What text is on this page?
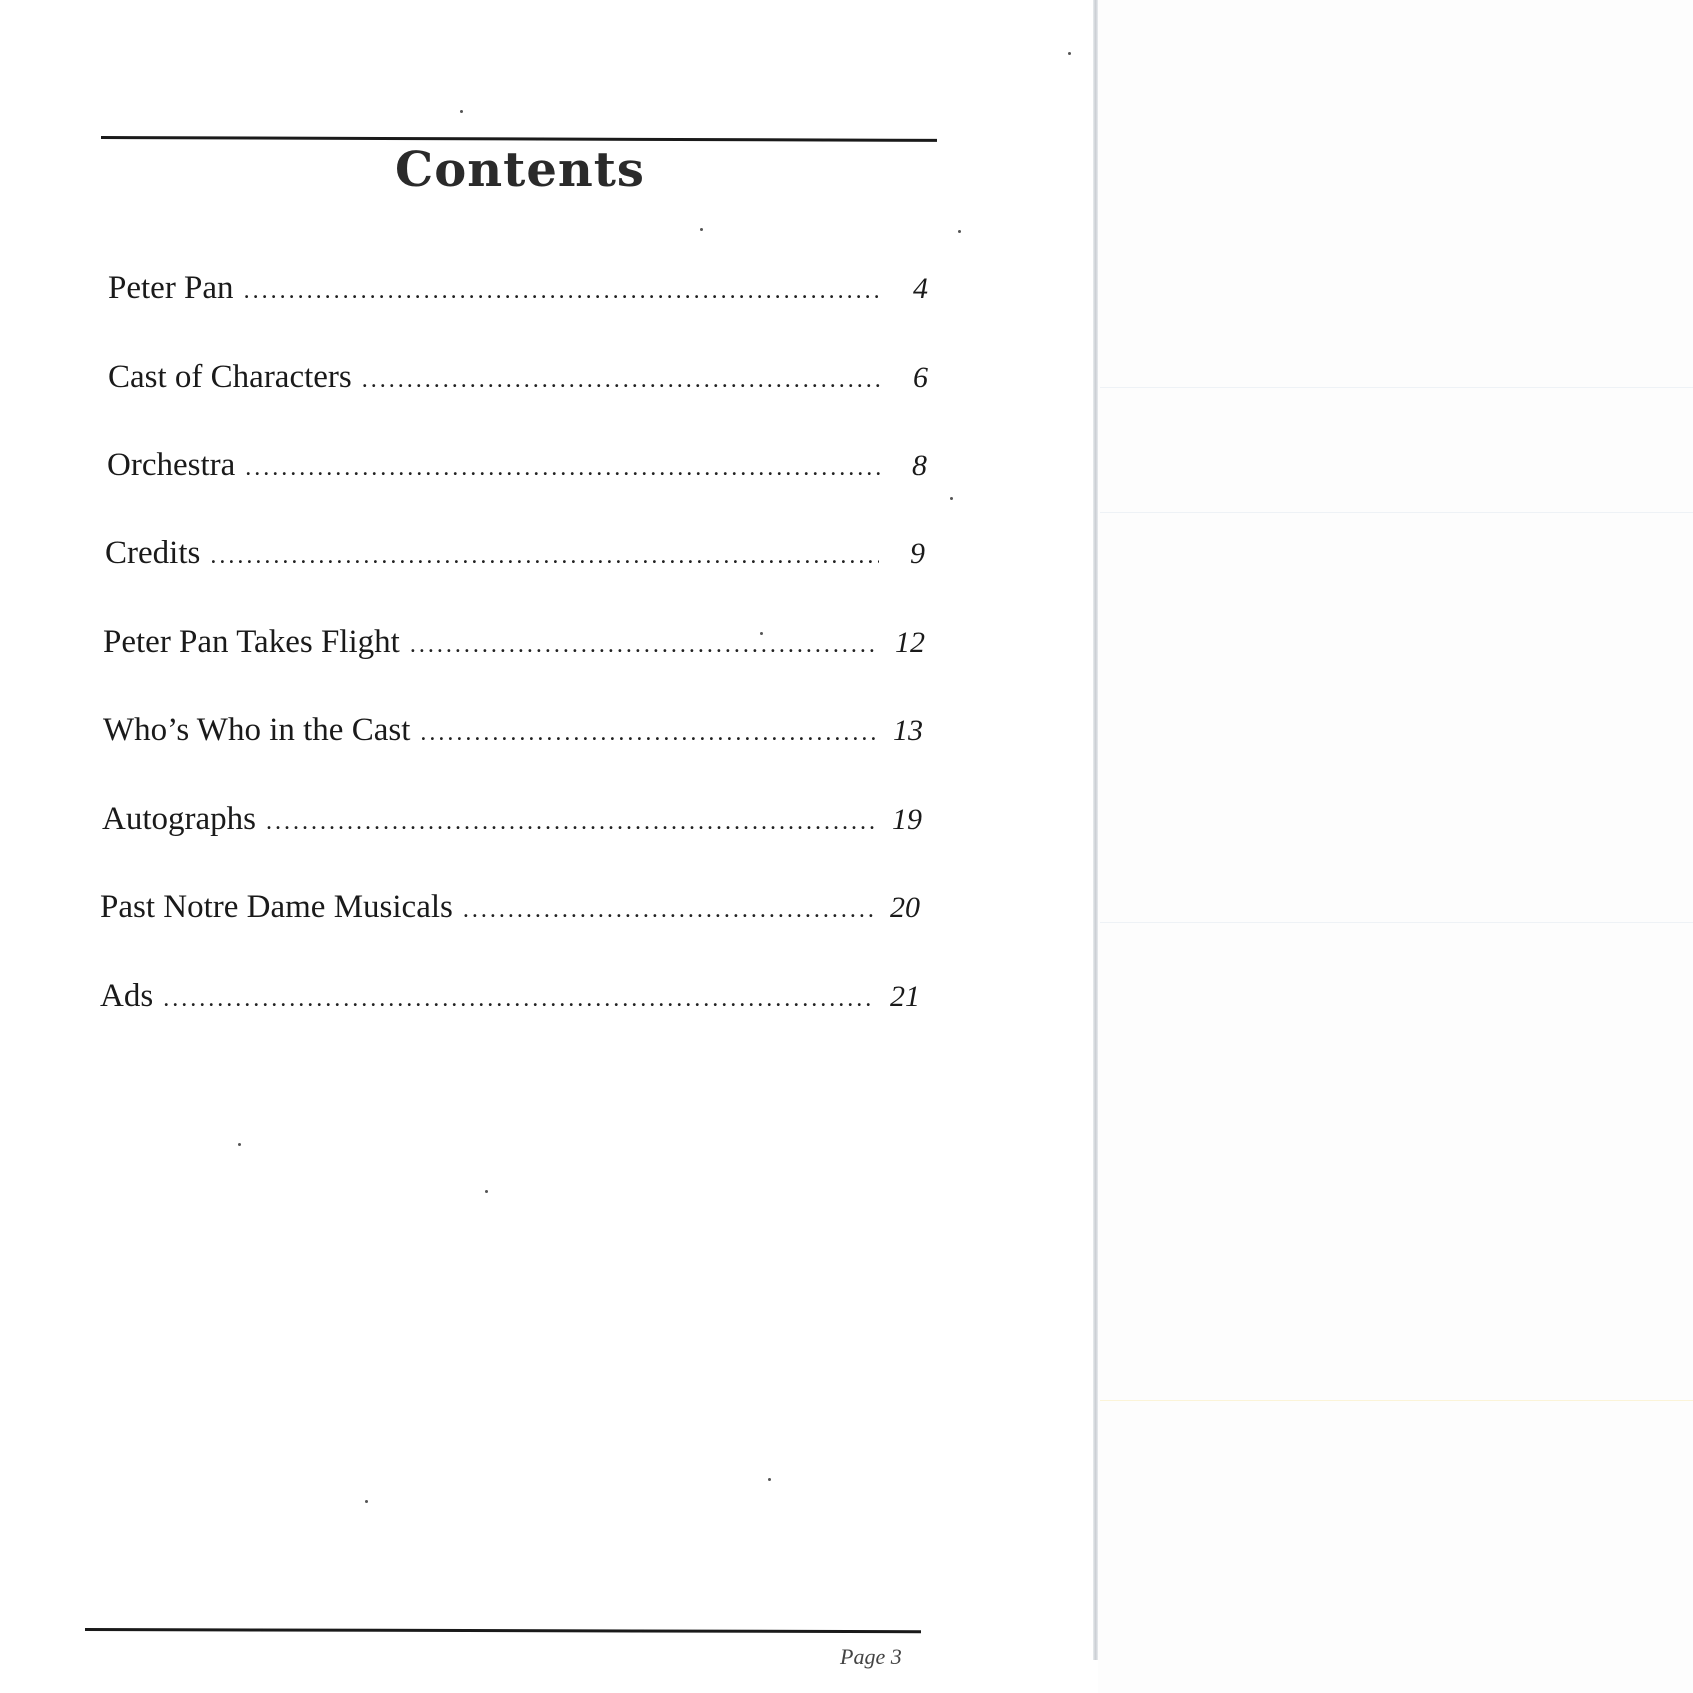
Contents
Peter Pan .....	4
Cast of Characters .....	6
Orchestra .....	8
Credits .....	9
Peter Pan Takes Flight .....	12
Who’s Who in the Cast .....	13
Autographs .....	19
Past Notre Dame Musicals .....	20
Ads .....	21
Page 3
